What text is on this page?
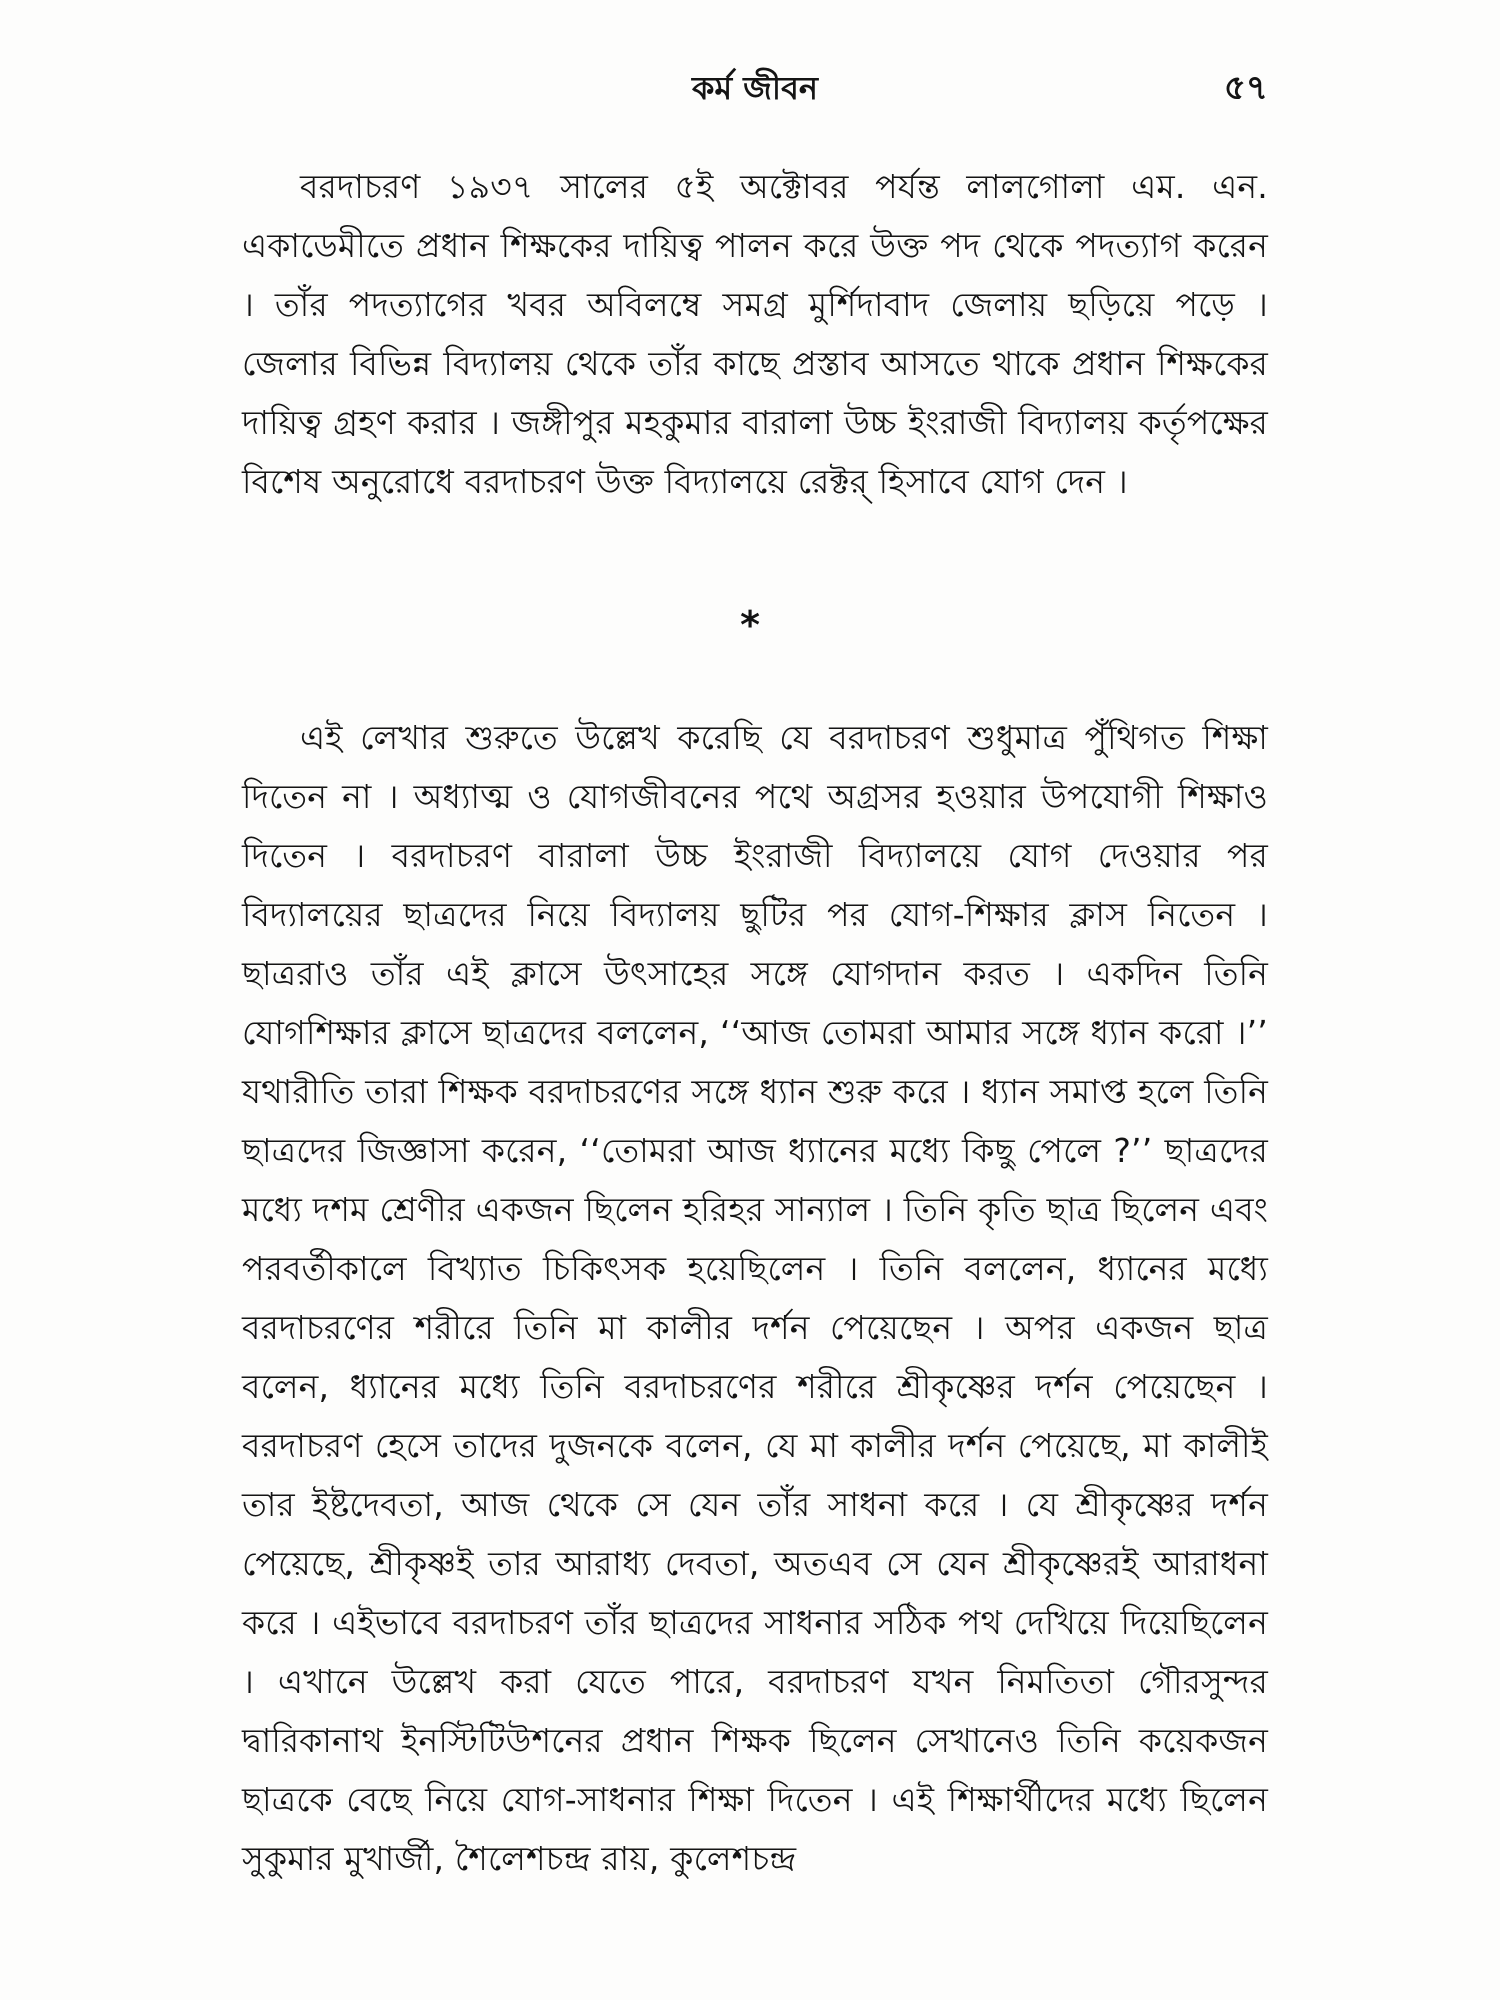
কর্ম জীবন	৫৭

বরদাচরণ ১৯৩৭ সালের ৫ই অক্টোবর পর্যন্ত লালগোলা এম. এন. একাডেমীতে প্রধান শিক্ষকের দায়িত্ব পালন করে উক্ত পদ থেকে পদত্যাগ করেন । তাঁর পদত্যাগের খবর অবিলম্বে সমগ্র মুর্শিদাবাদ জেলায় ছড়িয়ে পড়ে । জেলার বিভিন্ন বিদ্যালয় থেকে তাঁর কাছে প্রস্তাব আসতে থাকে প্রধান শিক্ষকের দায়িত্ব গ্রহণ করার । জঙ্গীপুর মহকুমার বারালা উচ্চ ইংরাজী বিদ্যালয় কর্তৃপক্ষের বিশেষ অনুরোধে বরদাচরণ উক্ত বিদ্যালয়ে রেক্টর্ হিসাবে যোগ দেন ।

*

এই লেখার শুরুতে উল্লেখ করেছি যে বরদাচরণ শুধুমাত্র পুঁথিগত শিক্ষা দিতেন না । অধ্যাত্ম ও যোগজীবনের পথে অগ্রসর হওয়ার উপযোগী শিক্ষাও দিতেন । বরদাচরণ বারালা উচ্চ ইংরাজী বিদ্যালয়ে যোগ দেওয়ার পর বিদ্যালয়ের ছাত্রদের নিয়ে বিদ্যালয় ছুটির পর যোগ-শিক্ষার ক্লাস নিতেন । ছাত্ররাও তাঁর এই ক্লাসে উৎসাহের সঙ্গে যোগদান করত । একদিন তিনি যোগশিক্ষার ক্লাসে ছাত্রদের বললেন, ‘‘আজ তোমরা আমার সঙ্গে ধ্যান করো ।’’ যথারীতি তারা শিক্ষক বরদাচরণের সঙ্গে ধ্যান শুরু করে । ধ্যান সমাপ্ত হলে তিনি ছাত্রদের জিজ্ঞাসা করেন, ‘‘তোমরা আজ ধ্যানের মধ্যে কিছু পেলে ?’’ ছাত্রদের মধ্যে দশম শ্রেণীর একজন ছিলেন হরিহর সান্যাল । তিনি কৃতি ছাত্র ছিলেন এবং পরবর্তীকালে বিখ্যাত চিকিৎসক হয়েছিলেন । তিনি বললেন, ধ্যানের মধ্যে বরদাচরণের শরীরে তিনি মা কালীর দর্শন পেয়েছেন । অপর একজন ছাত্র বলেন, ধ্যানের মধ্যে তিনি বরদাচরণের শরীরে শ্রীকৃষ্ণের দর্শন পেয়েছেন । বরদাচরণ হেসে তাদের দুজনকে বলেন, যে মা কালীর দর্শন পেয়েছে, মা কালীই তার ইষ্টদেবতা, আজ থেকে সে যেন তাঁর সাধনা করে । যে শ্রীকৃষ্ণের দর্শন পেয়েছে, শ্রীকৃষ্ণই তার আরাধ্য দেবতা, অতএব সে যেন শ্রীকৃষ্ণেরই আরাধনা করে । এইভাবে বরদাচরণ তাঁর ছাত্রদের সাধনার সঠিক পথ দেখিয়ে দিয়েছিলেন । এখানে উল্লেখ করা যেতে পারে, বরদাচরণ যখন নিমতিতা গৌরসুন্দর দ্বারিকানাথ ইনস্টিটিউশনের প্রধান শিক্ষক ছিলেন সেখানেও তিনি কয়েকজন ছাত্রকে বেছে নিয়ে যোগ-সাধনার শিক্ষা দিতেন । এই শিক্ষার্থীদের মধ্যে ছিলেন সুকুমার মুখার্জী, শৈলেশচন্দ্র রায়, কুলেশচন্দ্র
